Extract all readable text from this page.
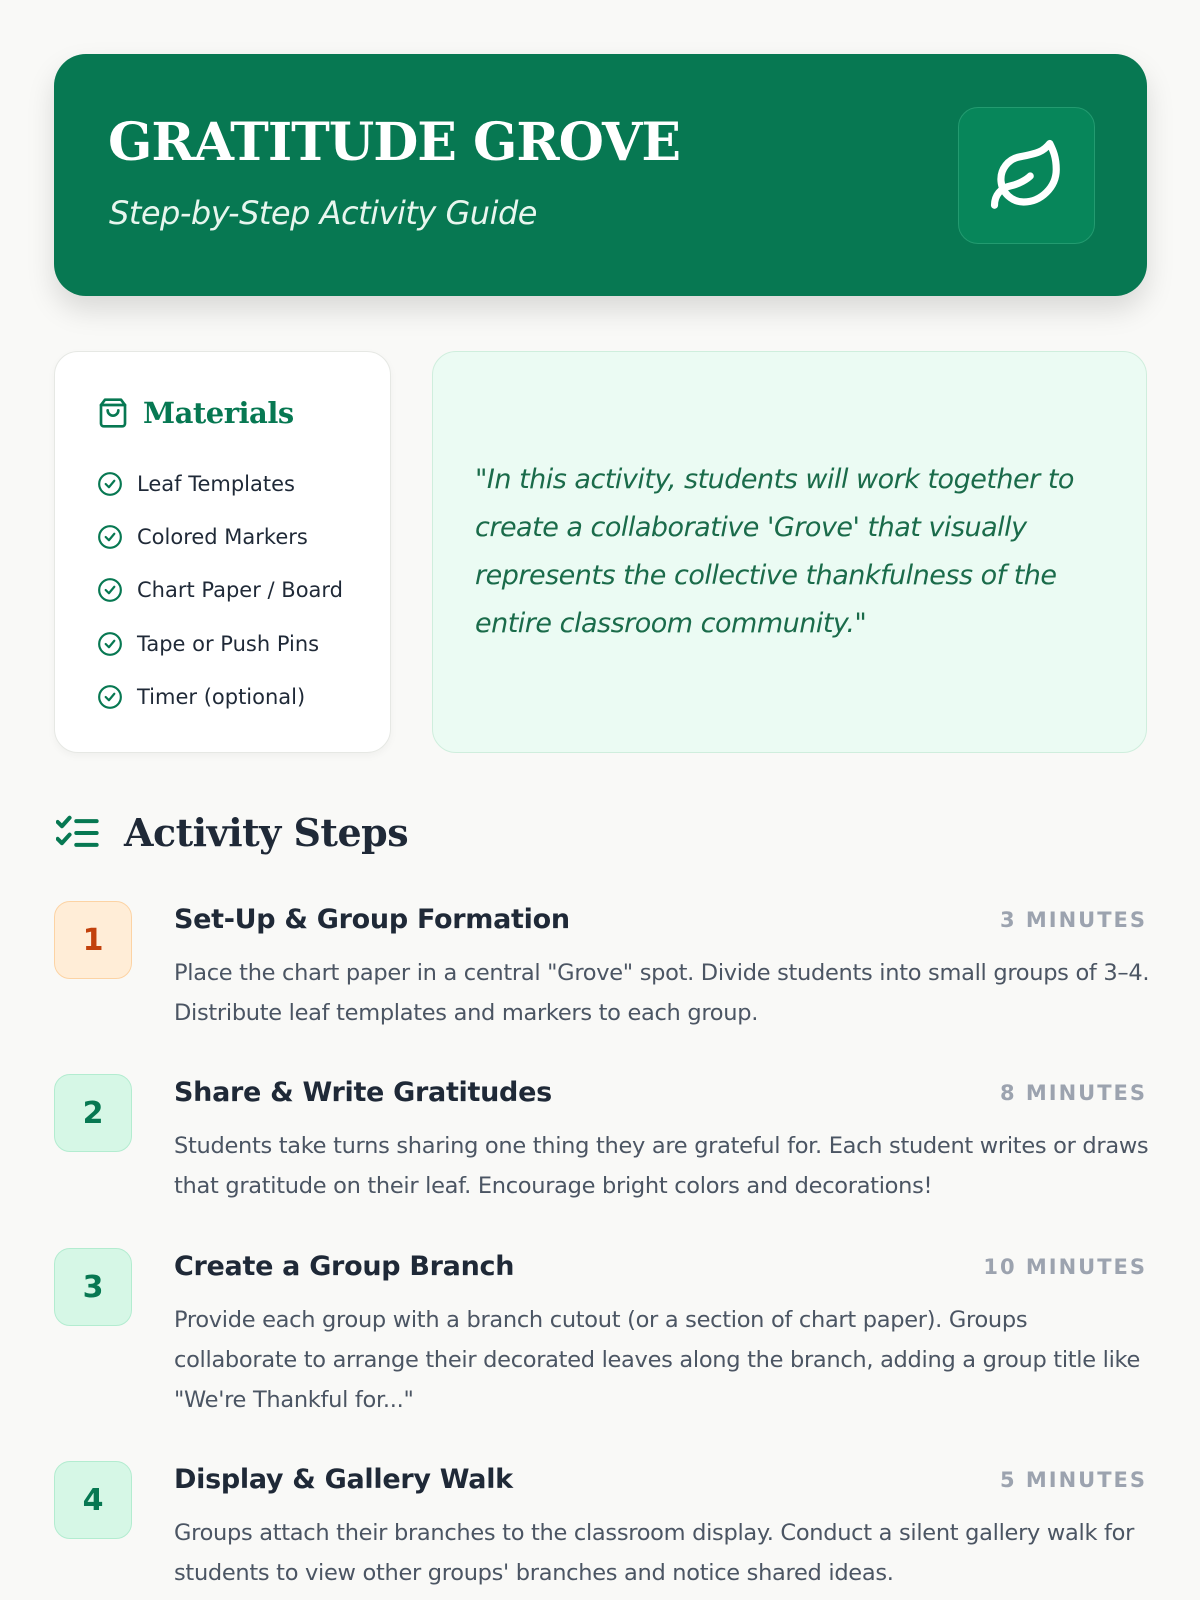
GRATITUDE GROVE
Step-by-Step Activity Guide
Materials
Leaf Templates
Colored Markers
Chart Paper / Board
Tape or Push Pins
Timer (optional)

"In this activity, students will work together to create a collaborative 'Grove' that visually represents the collective thankfulness of the entire classroom community."

Activity Steps
1
Set-Up & Group Formation	3 MINUTES

Place the chart paper in a central "Grove" spot. Divide students into small groups of 3–4. Distribute leaf templates and markers to each group.

2
Share & Write Gratitudes	8 MINUTES

Students take turns sharing one thing they are grateful for. Each student writes or draws that gratitude on their leaf. Encourage bright colors and decorations!

3
Create a Group Branch	10 MINUTES

Provide each group with a branch cutout (or a section of chart paper). Groups collaborate to arrange their decorated leaves along the branch, adding a group title like "We're Thankful for..."

4
Display & Gallery Walk	5 MINUTES

Groups attach their branches to the classroom display. Conduct a silent gallery walk for students to view other groups' branches and notice shared ideas.
